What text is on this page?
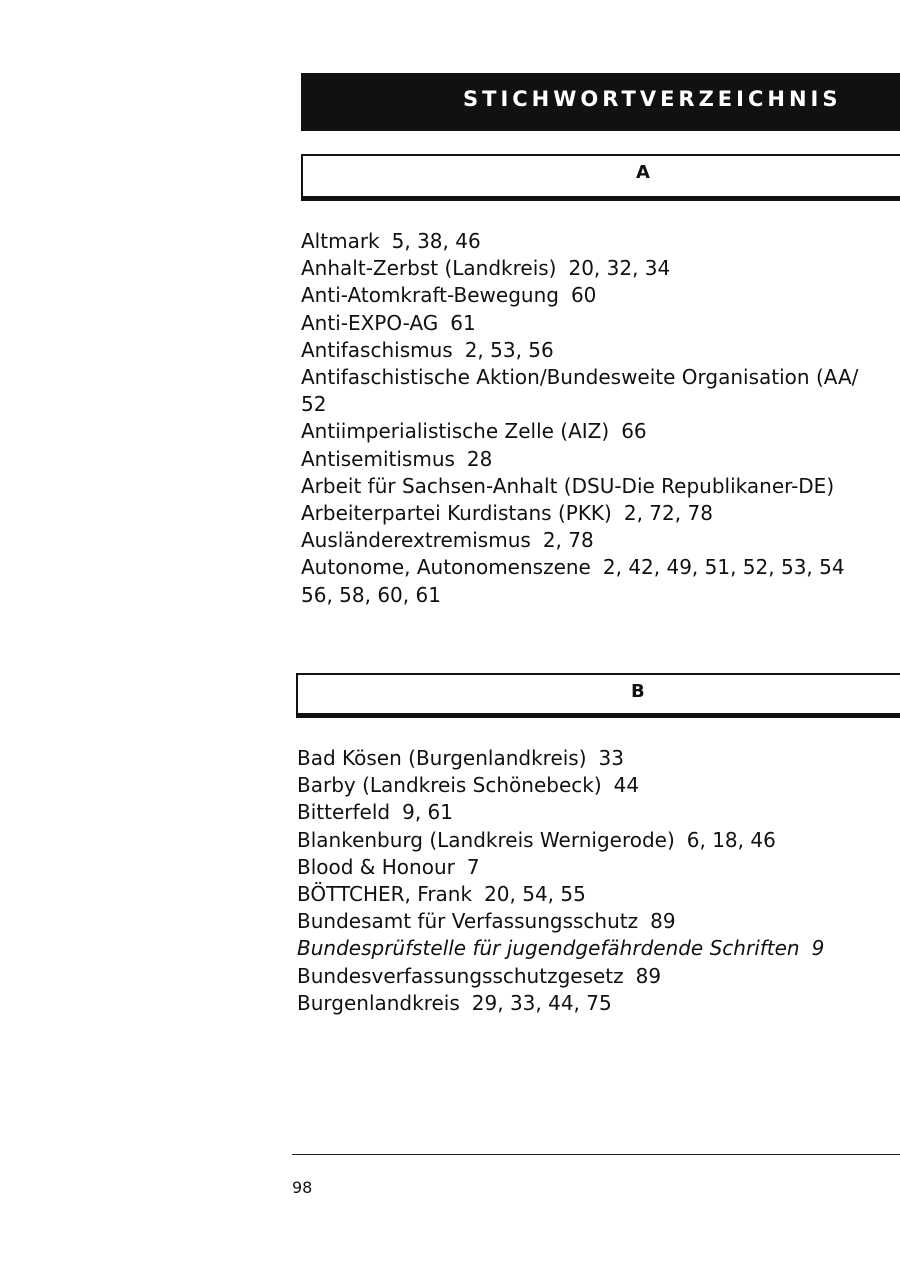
STICHWORTVERZEICHNIS
A
Altmark 5, 38, 46
Anhalt-Zerbst (Landkreis) 20, 32, 34
Anti-Atomkraft-Bewegung 60
Anti-EXPO-AG 61
Antifaschismus 2, 53, 56
Antifaschistische Aktion/Bundesweite Organisation (AA/
52
Antiimperialistische Zelle (AIZ) 66
Antisemitismus 28
Arbeit für Sachsen-Anhalt (DSU-Die Republikaner-DE)
Arbeiterpartei Kurdistans (PKK) 2, 72, 78
Ausländerextremismus 2, 78
Autonome, Autonomenszene 2, 42, 49, 51, 52, 53, 54
56, 58, 60, 61
B
Bad Kösen (Burgenlandkreis) 33
Barby (Landkreis Schönebeck) 44
Bitterfeld 9, 61
Blankenburg (Landkreis Wernigerode) 6, 18, 46
Blood & Honour 7
BÖTTCHER, Frank 20, 54, 55
Bundesamt für Verfassungsschutz 89
Bundesprüfstelle für jugendgefährdende Schriften 9
Bundesverfassungsschutzgesetz 89
Burgenlandkreis 29, 33, 44, 75
98
